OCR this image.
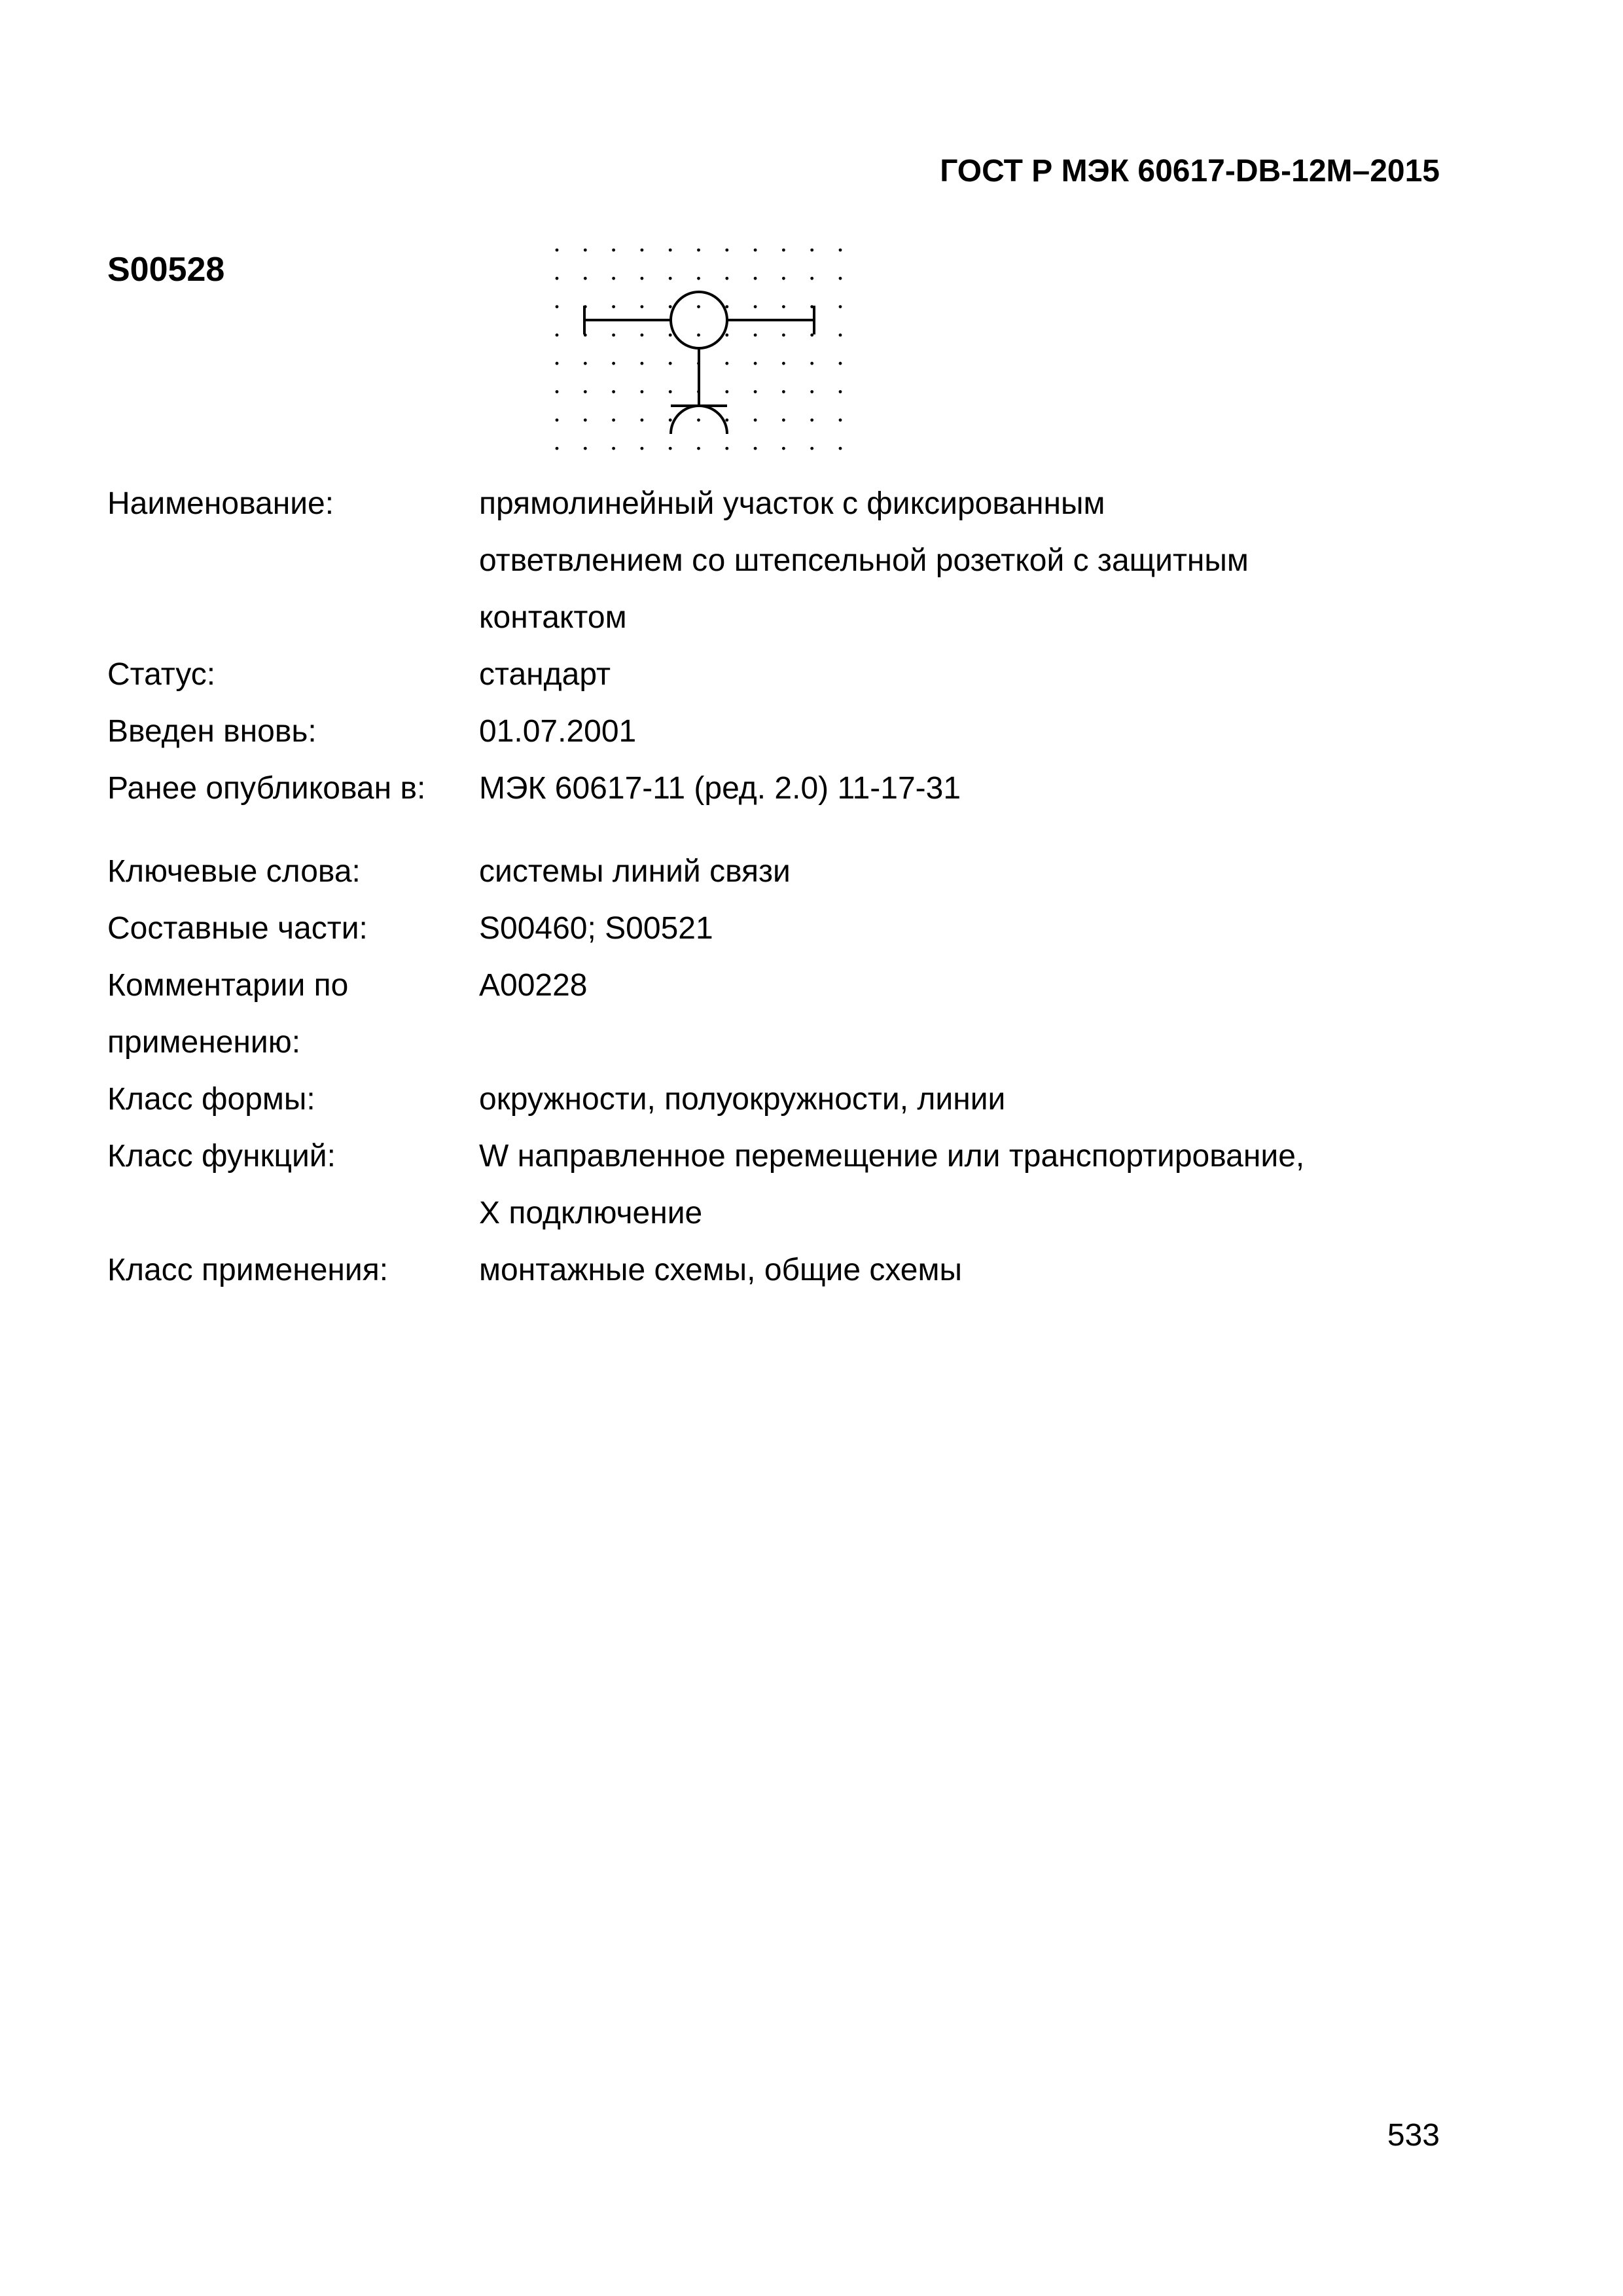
ГОСТ Р МЭК 60617-DB-12M–2015
S00528
Наименование:	прямолинейный участок с фиксированным
ответвлением со штепсельной розеткой с защитным
контактом
Статус:	стандарт
Введен вновь:	01.07.2001
Ранее опубликован в:	МЭК 60617-11 (ред. 2.0) 11-17-31
Ключевые слова:	системы линий связи
Составные части:	S00460; S00521
Комментарии по	A00228
применению:
Класс формы:	окружности, полуокружности, линии
Класс функций:	W направленное перемещение или транспортирование,
X подключение
Класс применения:	монтажные схемы, общие схемы
533
